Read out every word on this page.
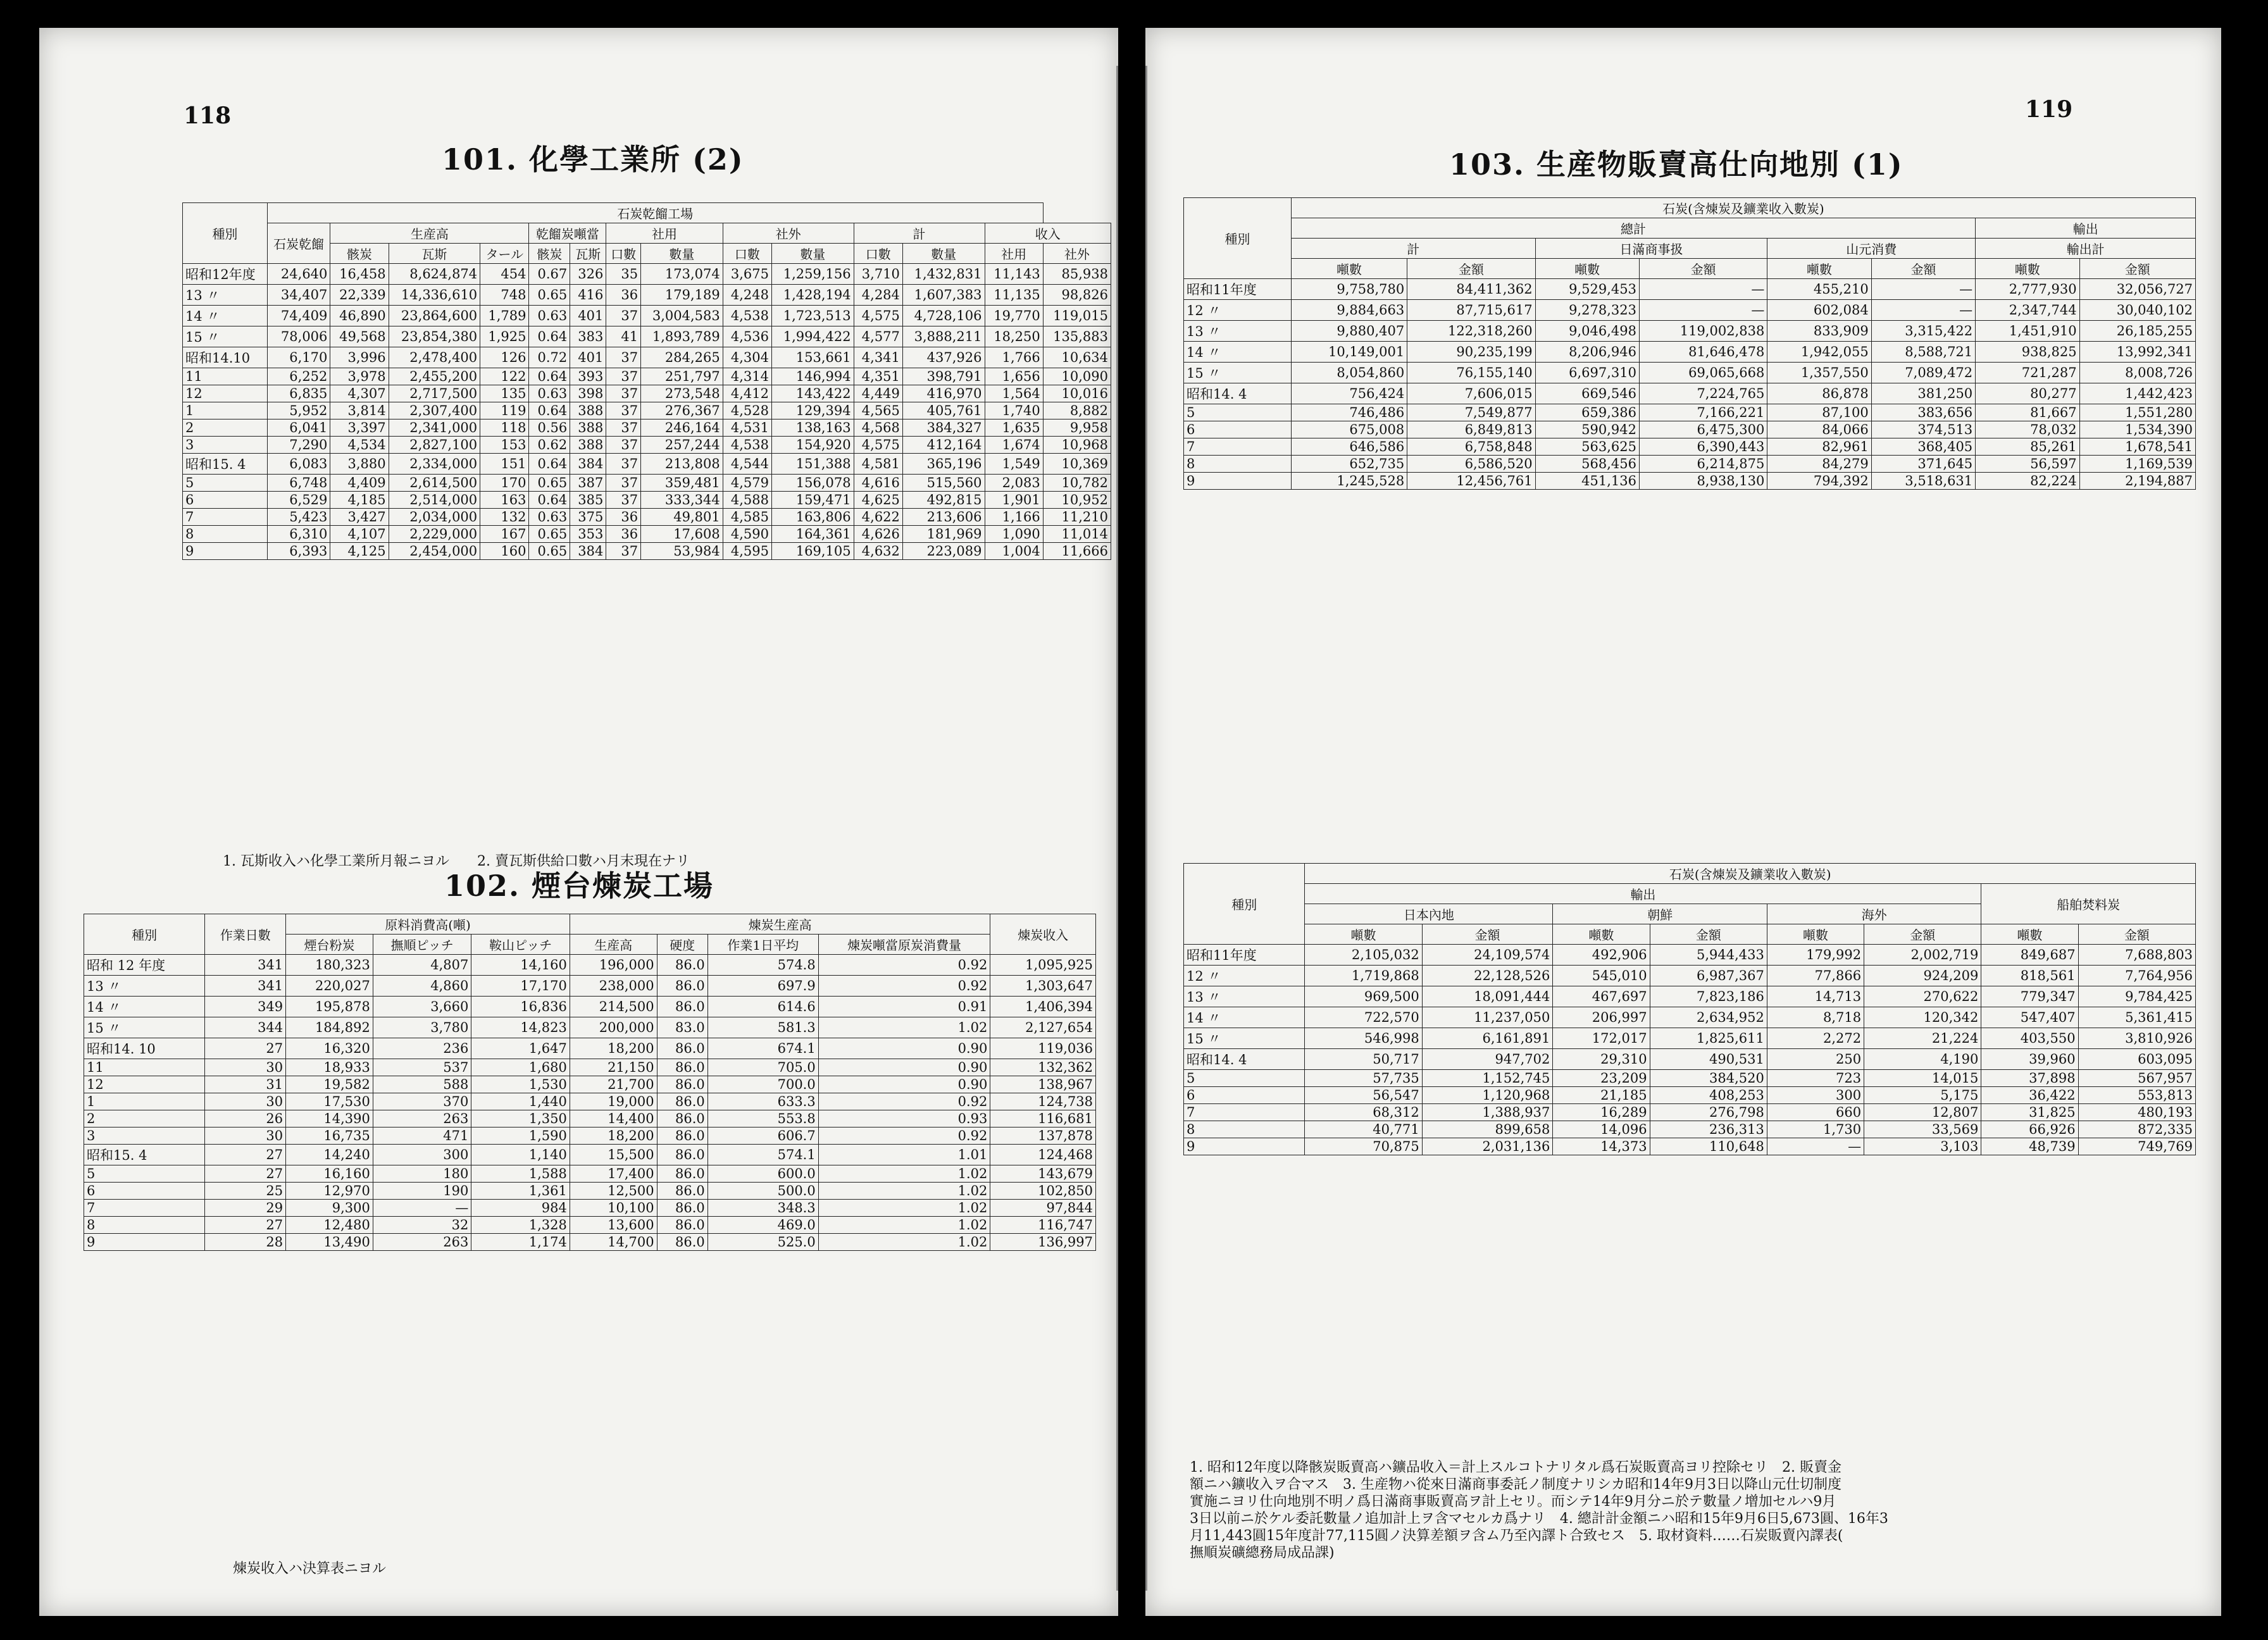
118
101. 化學工業所 (2)
種別	石炭乾餾工場													
	石炭乾餾	生産高			乾餾炭噸當		社用		社外		計		收入	
		骸炭	瓦斯	タール	骸炭	瓦斯	口數	數量	口數	數量	口數	數量	社用	社外
昭和12年度	24,640	16,458	8,624,874	454	0.67	326	35	173,074	3,675	1,259,156	3,710	1,432,831	11,143	85,938
13 〃	34,407	22,339	14,336,610	748	0.65	416	36	179,189	4,248	1,428,194	4,284	1,607,383	11,135	98,826
14 〃	74,409	46,890	23,864,600	1,789	0.63	401	37	3,004,583	4,538	1,723,513	4,575	4,728,106	19,770	119,015
15 〃	78,006	49,568	23,854,380	1,925	0.64	383	41	1,893,789	4,536	1,994,422	4,577	3,888,211	18,250	135,883
昭和14.10	6,170	3,996	2,478,400	126	0.72	401	37	284,265	4,304	153,661	4,341	437,926	1,766	10,634
11	6,252	3,978	2,455,200	122	0.64	393	37	251,797	4,314	146,994	4,351	398,791	1,656	10,090
12	6,835	4,307	2,717,500	135	0.63	398	37	273,548	4,412	143,422	4,449	416,970	1,564	10,016
1	5,952	3,814	2,307,400	119	0.64	388	37	276,367	4,528	129,394	4,565	405,761	1,740	8,882
2	6,041	3,397	2,341,000	118	0.56	388	37	246,164	4,531	138,163	4,568	384,327	1,635	9,958
3	7,290	4,534	2,827,100	153	0.62	388	37	257,244	4,538	154,920	4,575	412,164	1,674	10,968
昭和15. 4	6,083	3,880	2,334,000	151	0.64	384	37	213,808	4,544	151,388	4,581	365,196	1,549	10,369
5	6,748	4,409	2,614,500	170	0.65	387	37	359,481	4,579	156,078	4,616	515,560	2,083	10,782
6	6,529	4,185	2,514,000	163	0.64	385	37	333,344	4,588	159,471	4,625	492,815	1,901	10,952
7	5,423	3,427	2,034,000	132	0.63	375	36	49,801	4,585	163,806	4,622	213,606	1,166	11,210
8	6,310	4,107	2,229,000	167	0.65	353	36	17,608	4,590	164,361	4,626	181,969	1,090	11,014
9	6,393	4,125	2,454,000	160	0.65	384	37	53,984	4,595	169,105	4,632	223,089	1,004	11,666
1. 瓦斯收入ハ化學工業所月報ニヨル　　2. 賣瓦斯供給口數ハ月末現在ナリ
102. 煙台煉炭工場
種別	作業日數	原料消費高(噸)			煉炭生産高				煉炭收入
		煙台粉炭	撫順ピッチ	鞍山ピッチ	生産高	硬度	作業1日平均	煉炭噸當原炭消費量	
昭和 12 年度	341	180,323	4,807	14,160	196,000	86.0	574.8	0.92	1,095,925
13 〃	341	220,027	4,860	17,170	238,000	86.0	697.9	0.92	1,303,647
14 〃	349	195,878	3,660	16,836	214,500	86.0	614.6	0.91	1,406,394
15 〃	344	184,892	3,780	14,823	200,000	83.0	581.3	1.02	2,127,654
昭和14. 10	27	16,320	236	1,647	18,200	86.0	674.1	0.90	119,036
11	30	18,933	537	1,680	21,150	86.0	705.0	0.90	132,362
12	31	19,582	588	1,530	21,700	86.0	700.0	0.90	138,967
1	30	17,530	370	1,440	19,000	86.0	633.3	0.92	124,738
2	26	14,390	263	1,350	14,400	86.0	553.8	0.93	116,681
3	30	16,735	471	1,590	18,200	86.0	606.7	0.92	137,878
昭和15. 4	27	14,240	300	1,140	15,500	86.0	574.1	1.01	124,468
5	27	16,160	180	1,588	17,400	86.0	600.0	1.02	143,679
6	25	12,970	190	1,361	12,500	86.0	500.0	1.02	102,850
7	29	9,300	—	984	10,100	86.0	348.3	1.02	97,844
8	27	12,480	32	1,328	13,600	86.0	469.0	1.02	116,747
9	28	13,490	263	1,174	14,700	86.0	525.0	1.02	136,997
煉炭收入ハ決算表ニヨル
119
103. 生産物販賣高仕向地別 (1)
種別	石炭(含煉炭及鑛業收入數炭)							
	總計						輸出	
	計		日滿商事扱		山元消費		輸出計	
	噸數	金額	噸數	金額	噸數	金額	噸數	金額
昭和11年度	9,758,780	84,411,362	9,529,453	—	455,210	—	2,777,930	32,056,727
12 〃	9,884,663	87,715,617	9,278,323	—	602,084	—	2,347,744	30,040,102
13 〃	9,880,407	122,318,260	9,046,498	119,002,838	833,909	3,315,422	1,451,910	26,185,255
14 〃	10,149,001	90,235,199	8,206,946	81,646,478	1,942,055	8,588,721	938,825	13,992,341
15 〃	8,054,860	76,155,140	6,697,310	69,065,668	1,357,550	7,089,472	721,287	8,008,726
昭和14. 4	756,424	7,606,015	669,546	7,224,765	86,878	381,250	80,277	1,442,423
5	746,486	7,549,877	659,386	7,166,221	87,100	383,656	81,667	1,551,280
6	675,008	6,849,813	590,942	6,475,300	84,066	374,513	78,032	1,534,390
7	646,586	6,758,848	563,625	6,390,443	82,961	368,405	85,261	1,678,541
8	652,735	6,586,520	568,456	6,214,875	84,279	371,645	56,597	1,169,539
9	1,245,528	12,456,761	451,136	8,938,130	794,392	3,518,631	82,224	2,194,887
種別	石炭(含煉炭及鑛業收入數炭)							
	輸出						船舶焚料炭	
	日本內地		朝鮮		海外			
	噸數	金額	噸數	金額	噸數	金額	噸數	金額
昭和11年度	2,105,032	24,109,574	492,906	5,944,433	179,992	2,002,719	849,687	7,688,803
12 〃	1,719,868	22,128,526	545,010	6,987,367	77,866	924,209	818,561	7,764,956
13 〃	969,500	18,091,444	467,697	7,823,186	14,713	270,622	779,347	9,784,425
14 〃	722,570	11,237,050	206,997	2,634,952	8,718	120,342	547,407	5,361,415
15 〃	546,998	6,161,891	172,017	1,825,611	2,272	21,224	403,550	3,810,926
昭和14. 4	50,717	947,702	29,310	490,531	250	4,190	39,960	603,095
5	57,735	1,152,745	23,209	384,520	723	14,015	37,898	567,957
6	56,547	1,120,968	21,185	408,253	300	5,175	36,422	553,813
7	68,312	1,388,937	16,289	276,798	660	12,807	31,825	480,193
8	40,771	899,658	14,096	236,313	1,730	33,569	66,926	872,335
9	70,875	2,031,136	14,373	110,648	—	3,103	48,739	749,769
1. 昭和12年度以降骸炭販賣高ハ鑛品收入＝計上スルコトナリタル爲石炭販賣高ヨリ控除セリ　2. 販賣金
額ニハ鑛收入ヲ合マス　3. 生産物ハ從來日滿商事委託ノ制度ナリシカ昭和14年9月3日以降山元仕切制度
實施ニヨリ仕向地別不明ノ爲日滿商事販賣高ヲ計上セリ。而シテ14年9月分ニ於テ數量ノ增加セルハ9月
3日以前ニ於ケル委託數量ノ追加計上ヲ含マセルカ爲ナリ　4. 總計計金額ニハ昭和15年9月6日5,673圓、16年3
月11,443圓15年度計77,115圓ノ決算差額ヲ含ム乃至內譯ト合致セス　5. 取材資料……石炭販賣內譯表(
撫順炭礦總務局成品課)
